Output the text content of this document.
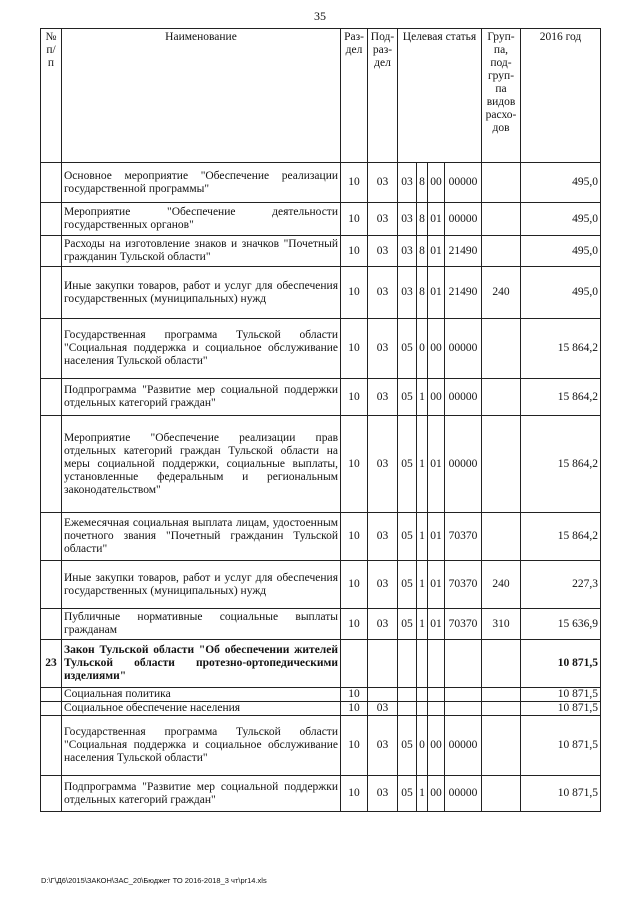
35
№ п/ п	Наименование	Раз- дел	Под- раз- дел	Целевая статья				Груп- па, под- груп- па видов расхо- дов	2016 год
	Основное мероприятие "Обеспечение реализации государственной программы"	10	03	03	8	00	00000		495,0
	Мероприятие "Обеспечение деятельности государственных органов"	10	03	03	8	01	00000		495,0
	Расходы на изготовление знаков и значков "Почетный гражданин Тульской области"	10	03	03	8	01	21490		495,0
	Иные закупки товаров, работ и услуг для обеспечения государственных (муниципальных) нужд	10	03	03	8	01	21490	240	495,0
	Государственная программа Тульской области "Социальная поддержка и социальное обслуживание населения Тульской области"	10	03	05	0	00	00000		15 864,2
	Подпрограмма "Развитие мер социальной поддержки отдельных категорий граждан"	10	03	05	1	00	00000		15 864,2
	Мероприятие "Обеспечение реализации прав отдельных категорий граждан Тульской области на меры социальной поддержки, социальные выплаты, установленные федеральным и региональным законодательством"	10	03	05	1	01	00000		15 864,2
	Ежемесячная социальная выплата лицам, удостоенным почетного звания "Почетный гражданин Тульской области"	10	03	05	1	01	70370		15 864,2
	Иные закупки товаров, работ и услуг для обеспечения государственных (муниципальных) нужд	10	03	05	1	01	70370	240	227,3
	Публичные нормативные социальные выплаты гражданам	10	03	05	1	01	70370	310	15 636,9
23	Закон Тульской области "Об обеспечении жителей Тульской области протезно-ортопедическими изделиями"								10 871,5
	Социальная политика	10							10 871,5
	Социальное обеспечение населения	10	03						10 871,5
	Государственная программа Тульской области "Социальная поддержка и социальное обслуживание населения Тульской области"	10	03	05	0	00	00000		10 871,5
	Подпрограмма "Развитие мер социальной поддержки отдельных категорий граждан"	10	03	05	1	00	00000		10 871,5
D:\Г\Д6\2015\ЗАКОН\ЗАС_20\Бюджет ТО 2016-2018_3 чт\pr14.xls
